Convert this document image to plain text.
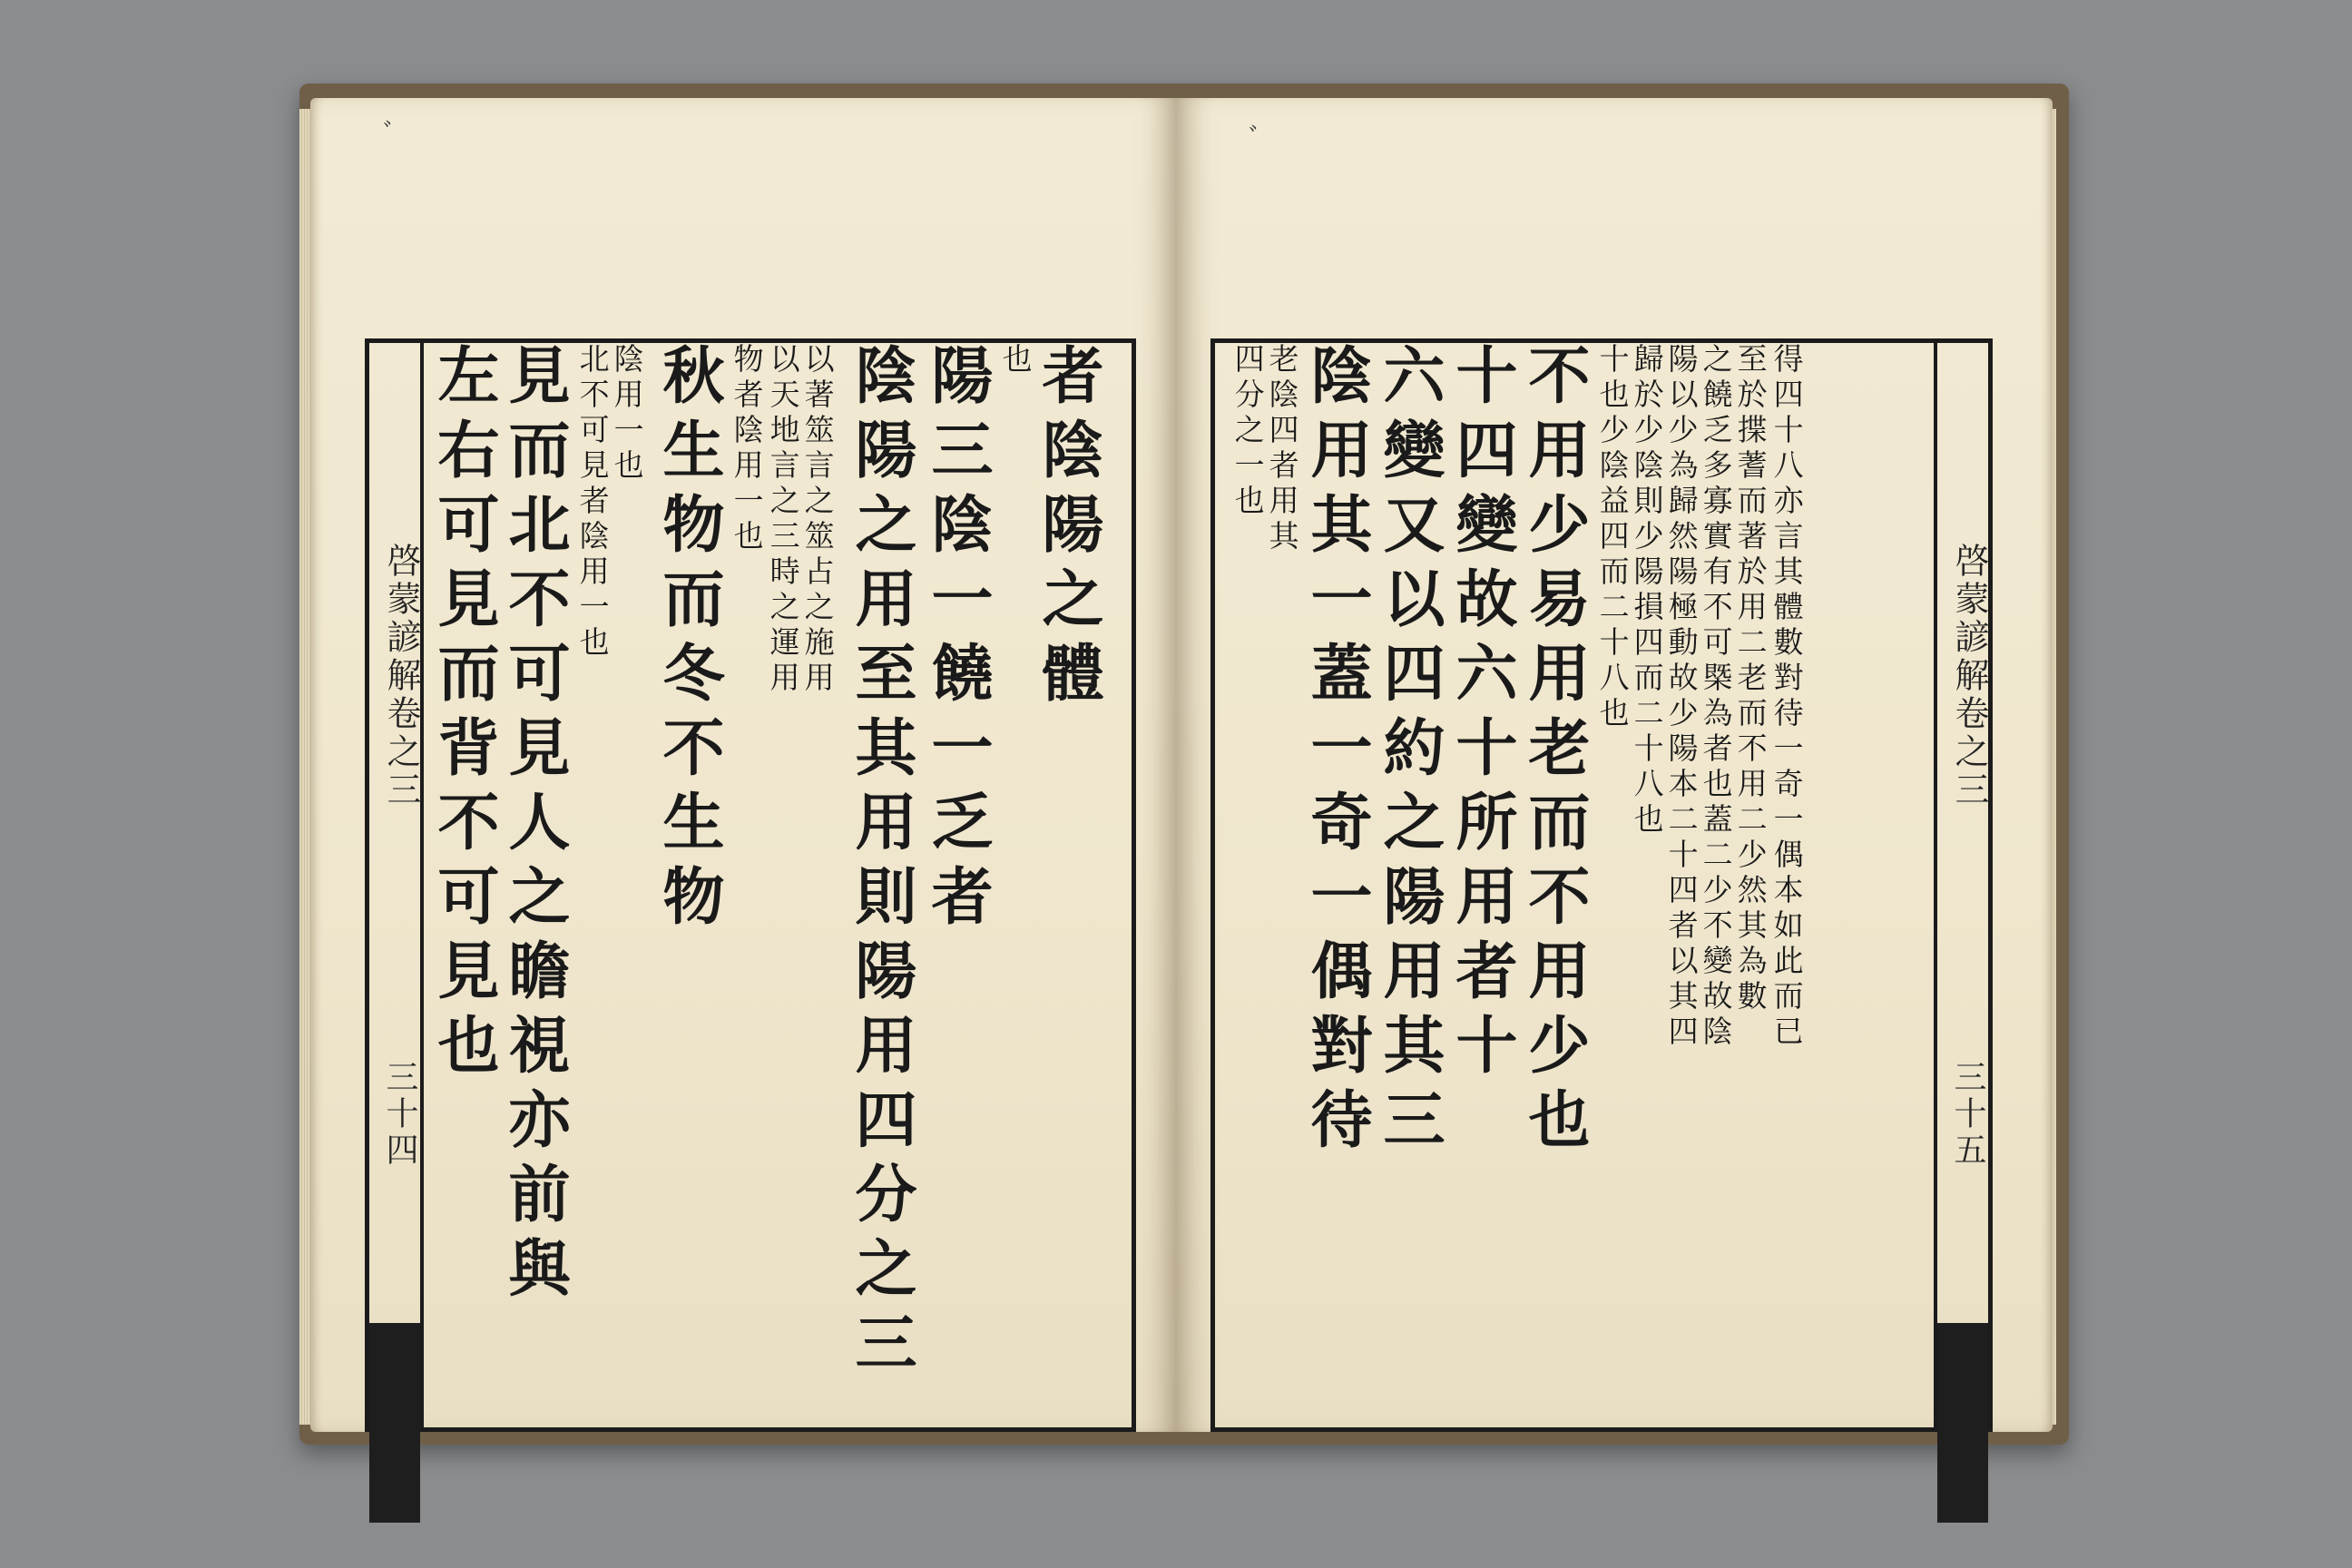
啓蒙諺解卷之三
三十四
左右可見而背不可見也
見而北不可見人之瞻視亦前與 北不可見者陰用一也 陰用一也 秋生物而冬不生物 物者陰用一也 以天地言之三時之運用 以著筮言之筮占之施用 陰陽之用至其用則陽用四分之三 陽三陰一饒一乏者 也
者陰陽之體
ﾞ
四分之一也 老陰四者用其 陰用其一蓋一奇一偶對待 六變又以四約之陽用其三 十四變故六十所用者十 不用少易用老而不用少也 十也少陰益四而二十八也 歸於少陰則少陽損四而二十八也 陽以少為歸然陽極動故少陽本二十四者以其四 之饒乏多寡實有不可槩為者也蓋二少不變故陰 至於揲蓍而著於用二老而不用二少然其為數 得四十八亦言其體數對待一奇一偶本如此而已	啓蒙諺解卷之三
三十五
ﾞ
